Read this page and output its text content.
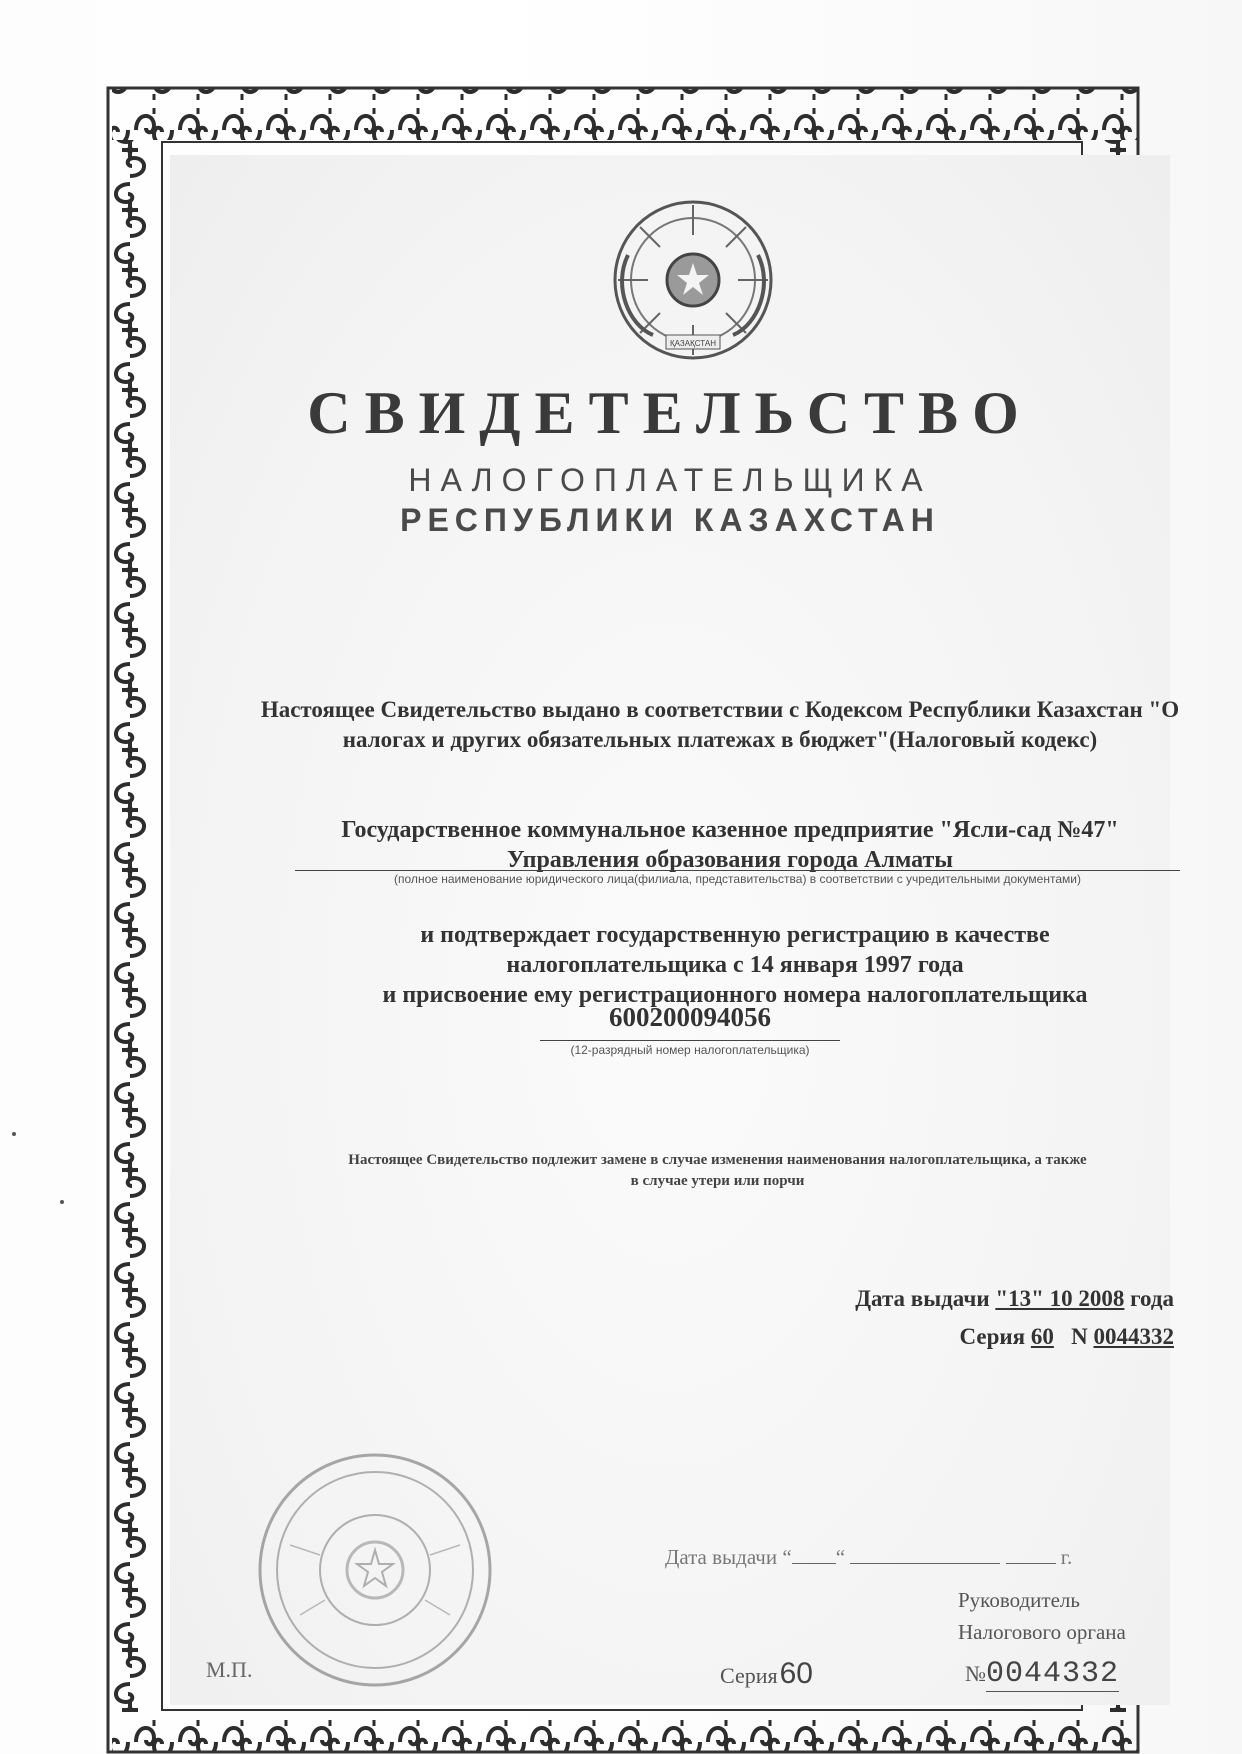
ҚАЗАҚСТАН
СВИДЕТЕЛЬСТВО
НАЛОГОПЛАТЕЛЬЩИКА
РЕСПУБЛИКИ КАЗАХСТАН
Настоящее Свидетельство выдано в соответствии с Кодексом Республики Казахстан "О налогах и других обязательных платежах в бюджет"(Налоговый кодекс)
Государственное коммунальное казенное предприятие "Ясли-сад №47"
Управления образования города Алматы
(полное наименование юридического лица(филиала, представительства) в соответствии с учредительными документами)
и подтверждает государственную регистрацию в качестве
налогоплательщика с 14 января 1997 года
и присвоение ему регистрационного номера налогоплательщика
600200094056
(12-разрядный номер налогоплательщика)
Настоящее Свидетельство подлежит замене в случае изменения наименования налогоплательщика, а также
в случае утери или порчи
Дата выдачи "13" 10 2008 года
Серия 60 N 0044332
Дата выдачи “ “	г.
Руководитель
Налогового органа
М.П.	Серия60	№0044332
